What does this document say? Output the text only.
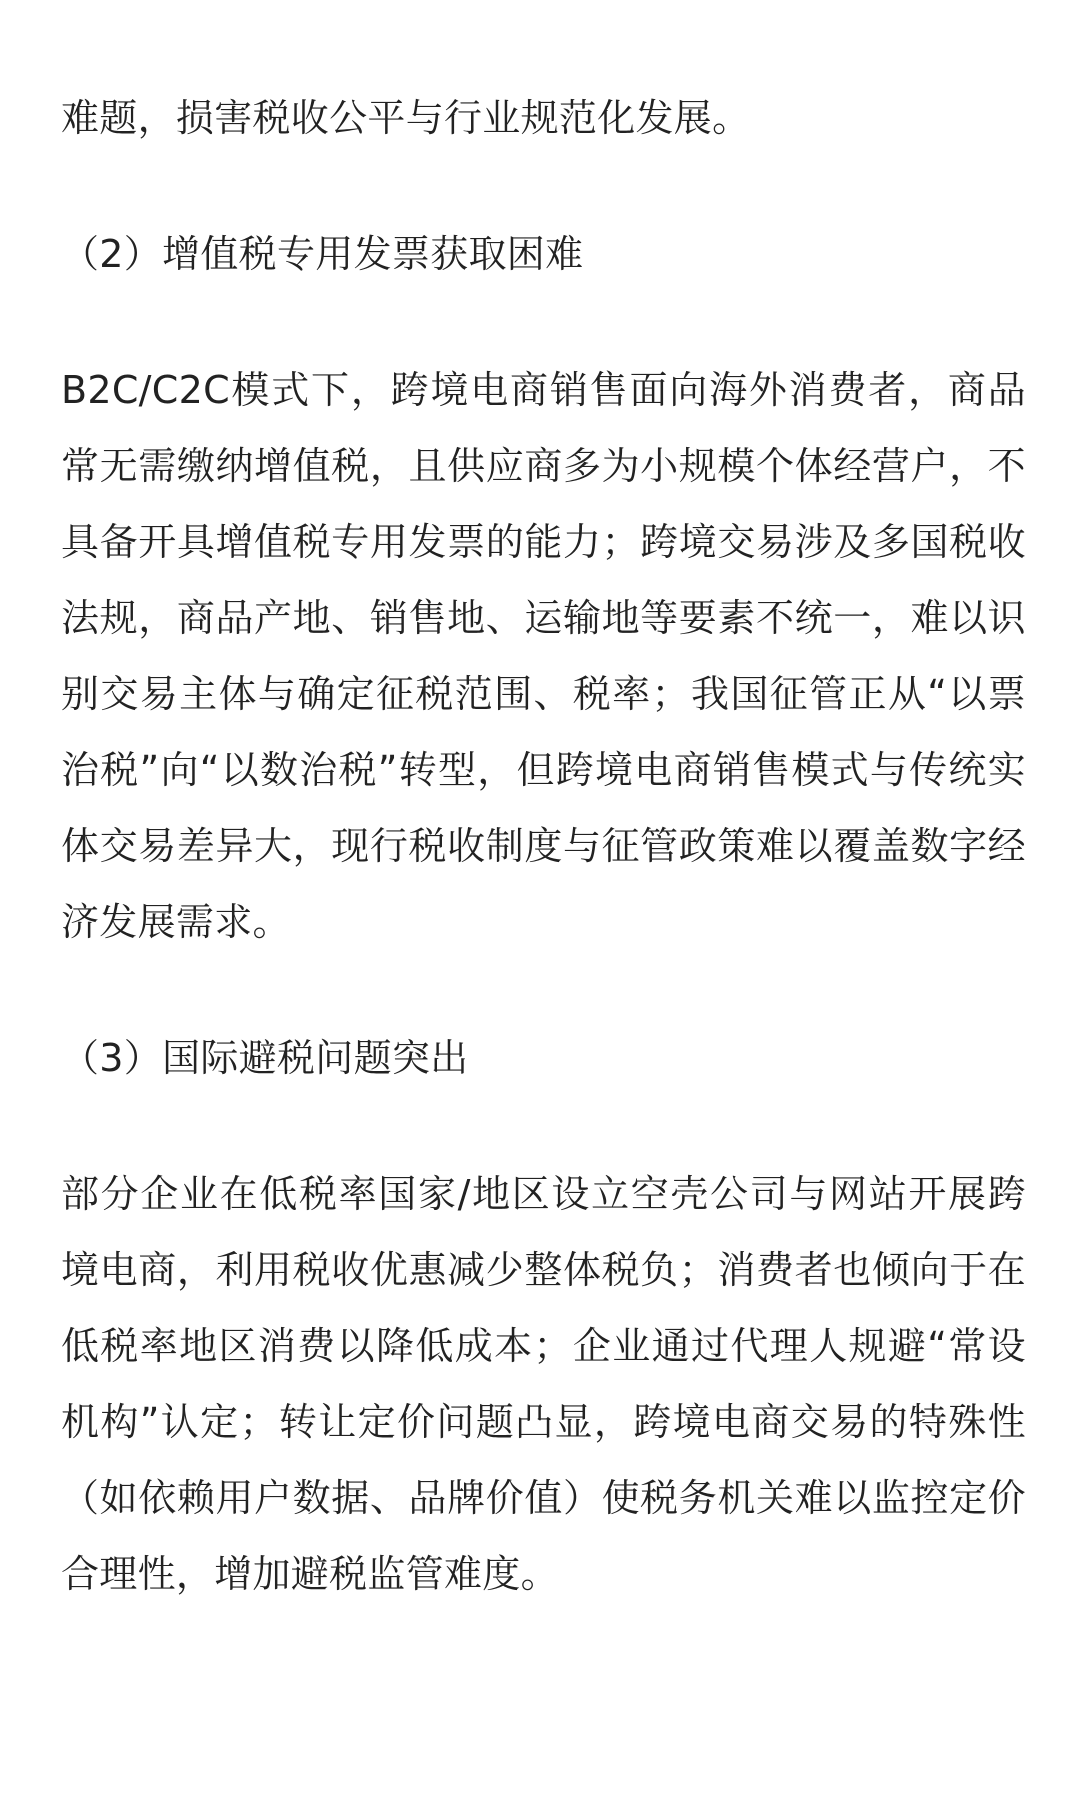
难题，损害税收公平与行业规范化发展。

（2）增值税专用发票获取困难

B2C/C2C模式下，跨境电商销售面向海外消费者，商品常无需缴纳增值税，且供应商多为小规模个体经营户，不具备开具增值税专用发票的能力；跨境交易涉及多国税收法规，商品产地、销售地、运输地等要素不统一，难以识别交易主体与确定征税范围、税率；我国征管正从“以票治税”向“以数治税”转型，但跨境电商销售模式与传统实体交易差异大，现行税收制度与征管政策难以覆盖数字经济发展需求。

（3）国际避税问题突出

部分企业在低税率国家/地区设立空壳公司与网站开展跨境电商，利用税收优惠减少整体税负；消费者也倾向于在低税率地区消费以降低成本；企业通过代理人规避“常设机构”认定；转让定价问题凸显，跨境电商交易的特殊性（如依赖用户数据、品牌价值）使税务机关难以监控定价合理性，增加避税监管难度。
